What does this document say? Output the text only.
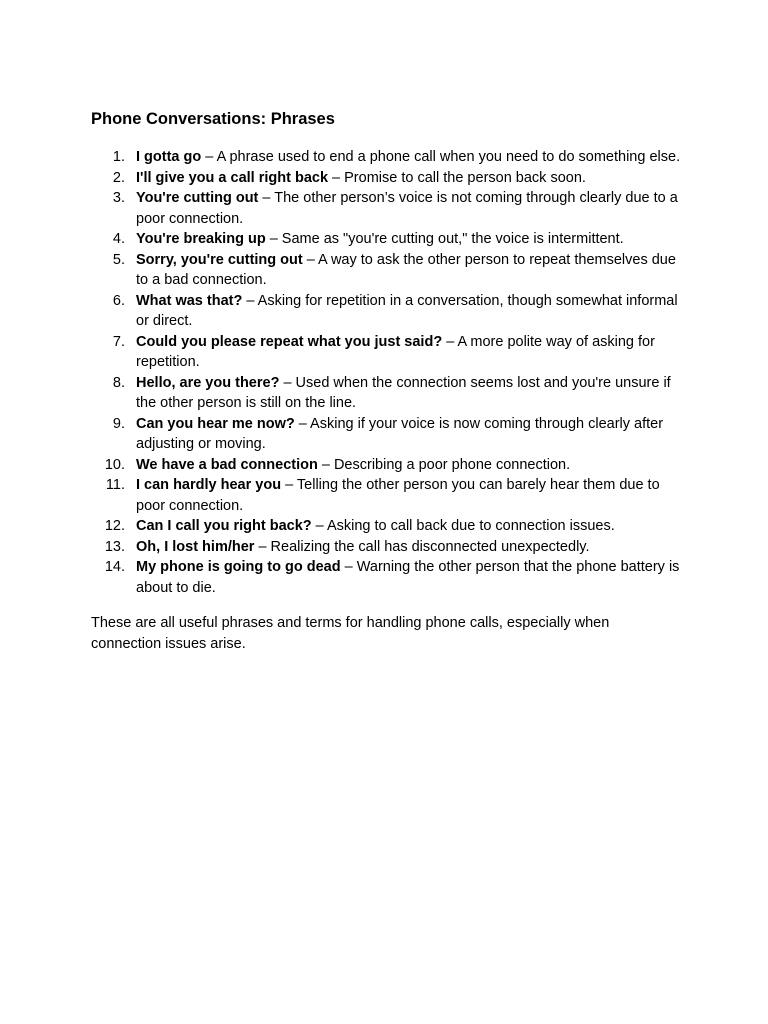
Phone Conversations: Phrases
1. I gotta go – A phrase used to end a phone call when you need to do something else.
2. I'll give you a call right back – Promise to call the person back soon.
3. You're cutting out – The other person’s voice is not coming through clearly due to a poor connection.
4. You're breaking up – Same as "you're cutting out," the voice is intermittent.
5. Sorry, you're cutting out – A way to ask the other person to repeat themselves due to a bad connection.
6. What was that? – Asking for repetition in a conversation, though somewhat informal or direct.
7. Could you please repeat what you just said? – A more polite way of asking for repetition.
8. Hello, are you there? – Used when the connection seems lost and you're unsure if the other person is still on the line.
9. Can you hear me now? – Asking if your voice is now coming through clearly after adjusting or moving.
10. We have a bad connection – Describing a poor phone connection.
11. I can hardly hear you – Telling the other person you can barely hear them due to poor connection.
12. Can I call you right back? – Asking to call back due to connection issues.
13. Oh, I lost him/her – Realizing the call has disconnected unexpectedly.
14. My phone is going to go dead – Warning the other person that the phone battery is about to die.

These are all useful phrases and terms for handling phone calls, especially when connection issues arise.
